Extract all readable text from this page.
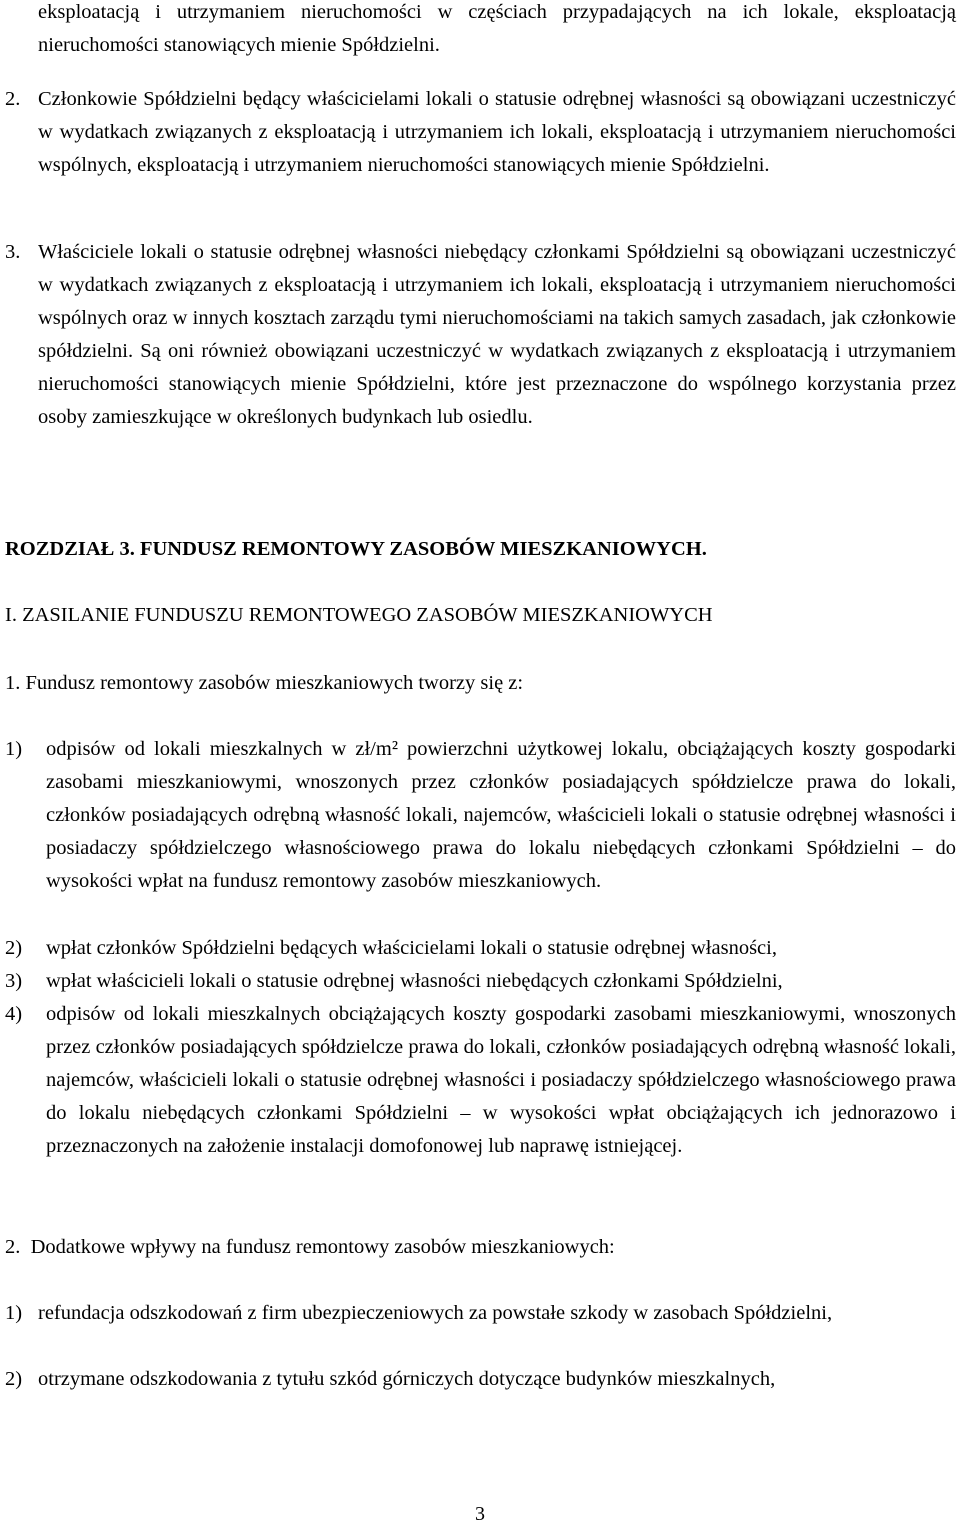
eksploatacją i utrzymaniem nieruchomości w częściach przypadających na ich lokale, eksploatacją nieruchomości stanowiących mienie Spółdzielni.

2. Członkowie Spółdzielni będący właścicielami lokali o statusie odrębnej własności są obowiązani uczestniczyć w wydatkach związanych z eksploatacją i utrzymaniem ich lokali, eksploatacją i utrzymaniem nieruchomości wspólnych, eksploatacją i utrzymaniem nieruchomości stanowiących mienie Spółdzielni.
3. Właściciele lokali o statusie odrębnej własności niebędący członkami Spółdzielni są obowiązani uczestniczyć w wydatkach związanych z eksploatacją i utrzymaniem ich lokali, eksploatacją i utrzymaniem nieruchomości wspólnych oraz w innych kosztach zarządu tymi nieruchomościami na takich samych zasadach, jak członkowie spółdzielni. Są oni również obowiązani uczestniczyć w wydatkach związanych z eksploatacją i utrzymaniem nieruchomości stanowiących mienie Spółdzielni, które jest przeznaczone do wspólnego korzystania przez osoby zamieszkujące w określonych budynkach lub osiedlu.

ROZDZIAŁ 3. FUNDUSZ REMONTOWY ZASOBÓW MIESZKANIOWYCH.

I. ZASILANIE FUNDUSZU REMONTOWEGO ZASOBÓW MIESZKANIOWYCH

1. Fundusz remontowy zasobów mieszkaniowych tworzy się z:

1)	odpisów od lokali mieszkalnych w zł/m² powierzchni użytkowej lokalu, obciążających koszty gospodarki zasobami mieszkaniowymi, wnoszonych przez członków posiadających spółdzielcze prawa do lokali, członków posiadających odrębną własność lokali, najemców, właścicieli lokali o statusie odrębnej własności i posiadaczy spółdzielczego własnościowego prawa do lokalu niebędących członkami Spółdzielni – do wysokości wpłat na fundusz remontowy zasobów mieszkaniowych.
2)	wpłat członków Spółdzielni będących właścicielami lokali o statusie odrębnej własności,
3)	wpłat właścicieli lokali o statusie odrębnej własności niebędących członkami Spółdzielni,
4)	odpisów od lokali mieszkalnych obciążających koszty gospodarki zasobami mieszkaniowymi, wnoszonych przez członków posiadających spółdzielcze prawa do lokali, członków posiadających odrębną własność lokali, najemców, właścicieli lokali o statusie odrębnej własności i posiadaczy spółdzielczego własnościowego prawa do lokalu niebędących członkami Spółdzielni – w wysokości wpłat obciążających ich jednorazowo i przeznaczonych na założenie instalacji domofonowej lub naprawę istniejącej.

2.  Dodatkowe wpływy na fundusz remontowy zasobów mieszkaniowych:

1) refundacja odszkodowań z firm ubezpieczeniowych za powstałe szkody w zasobach Spółdzielni,
2) otrzymane odszkodowania z tytułu szkód górniczych dotyczące budynków mieszkalnych,
3
